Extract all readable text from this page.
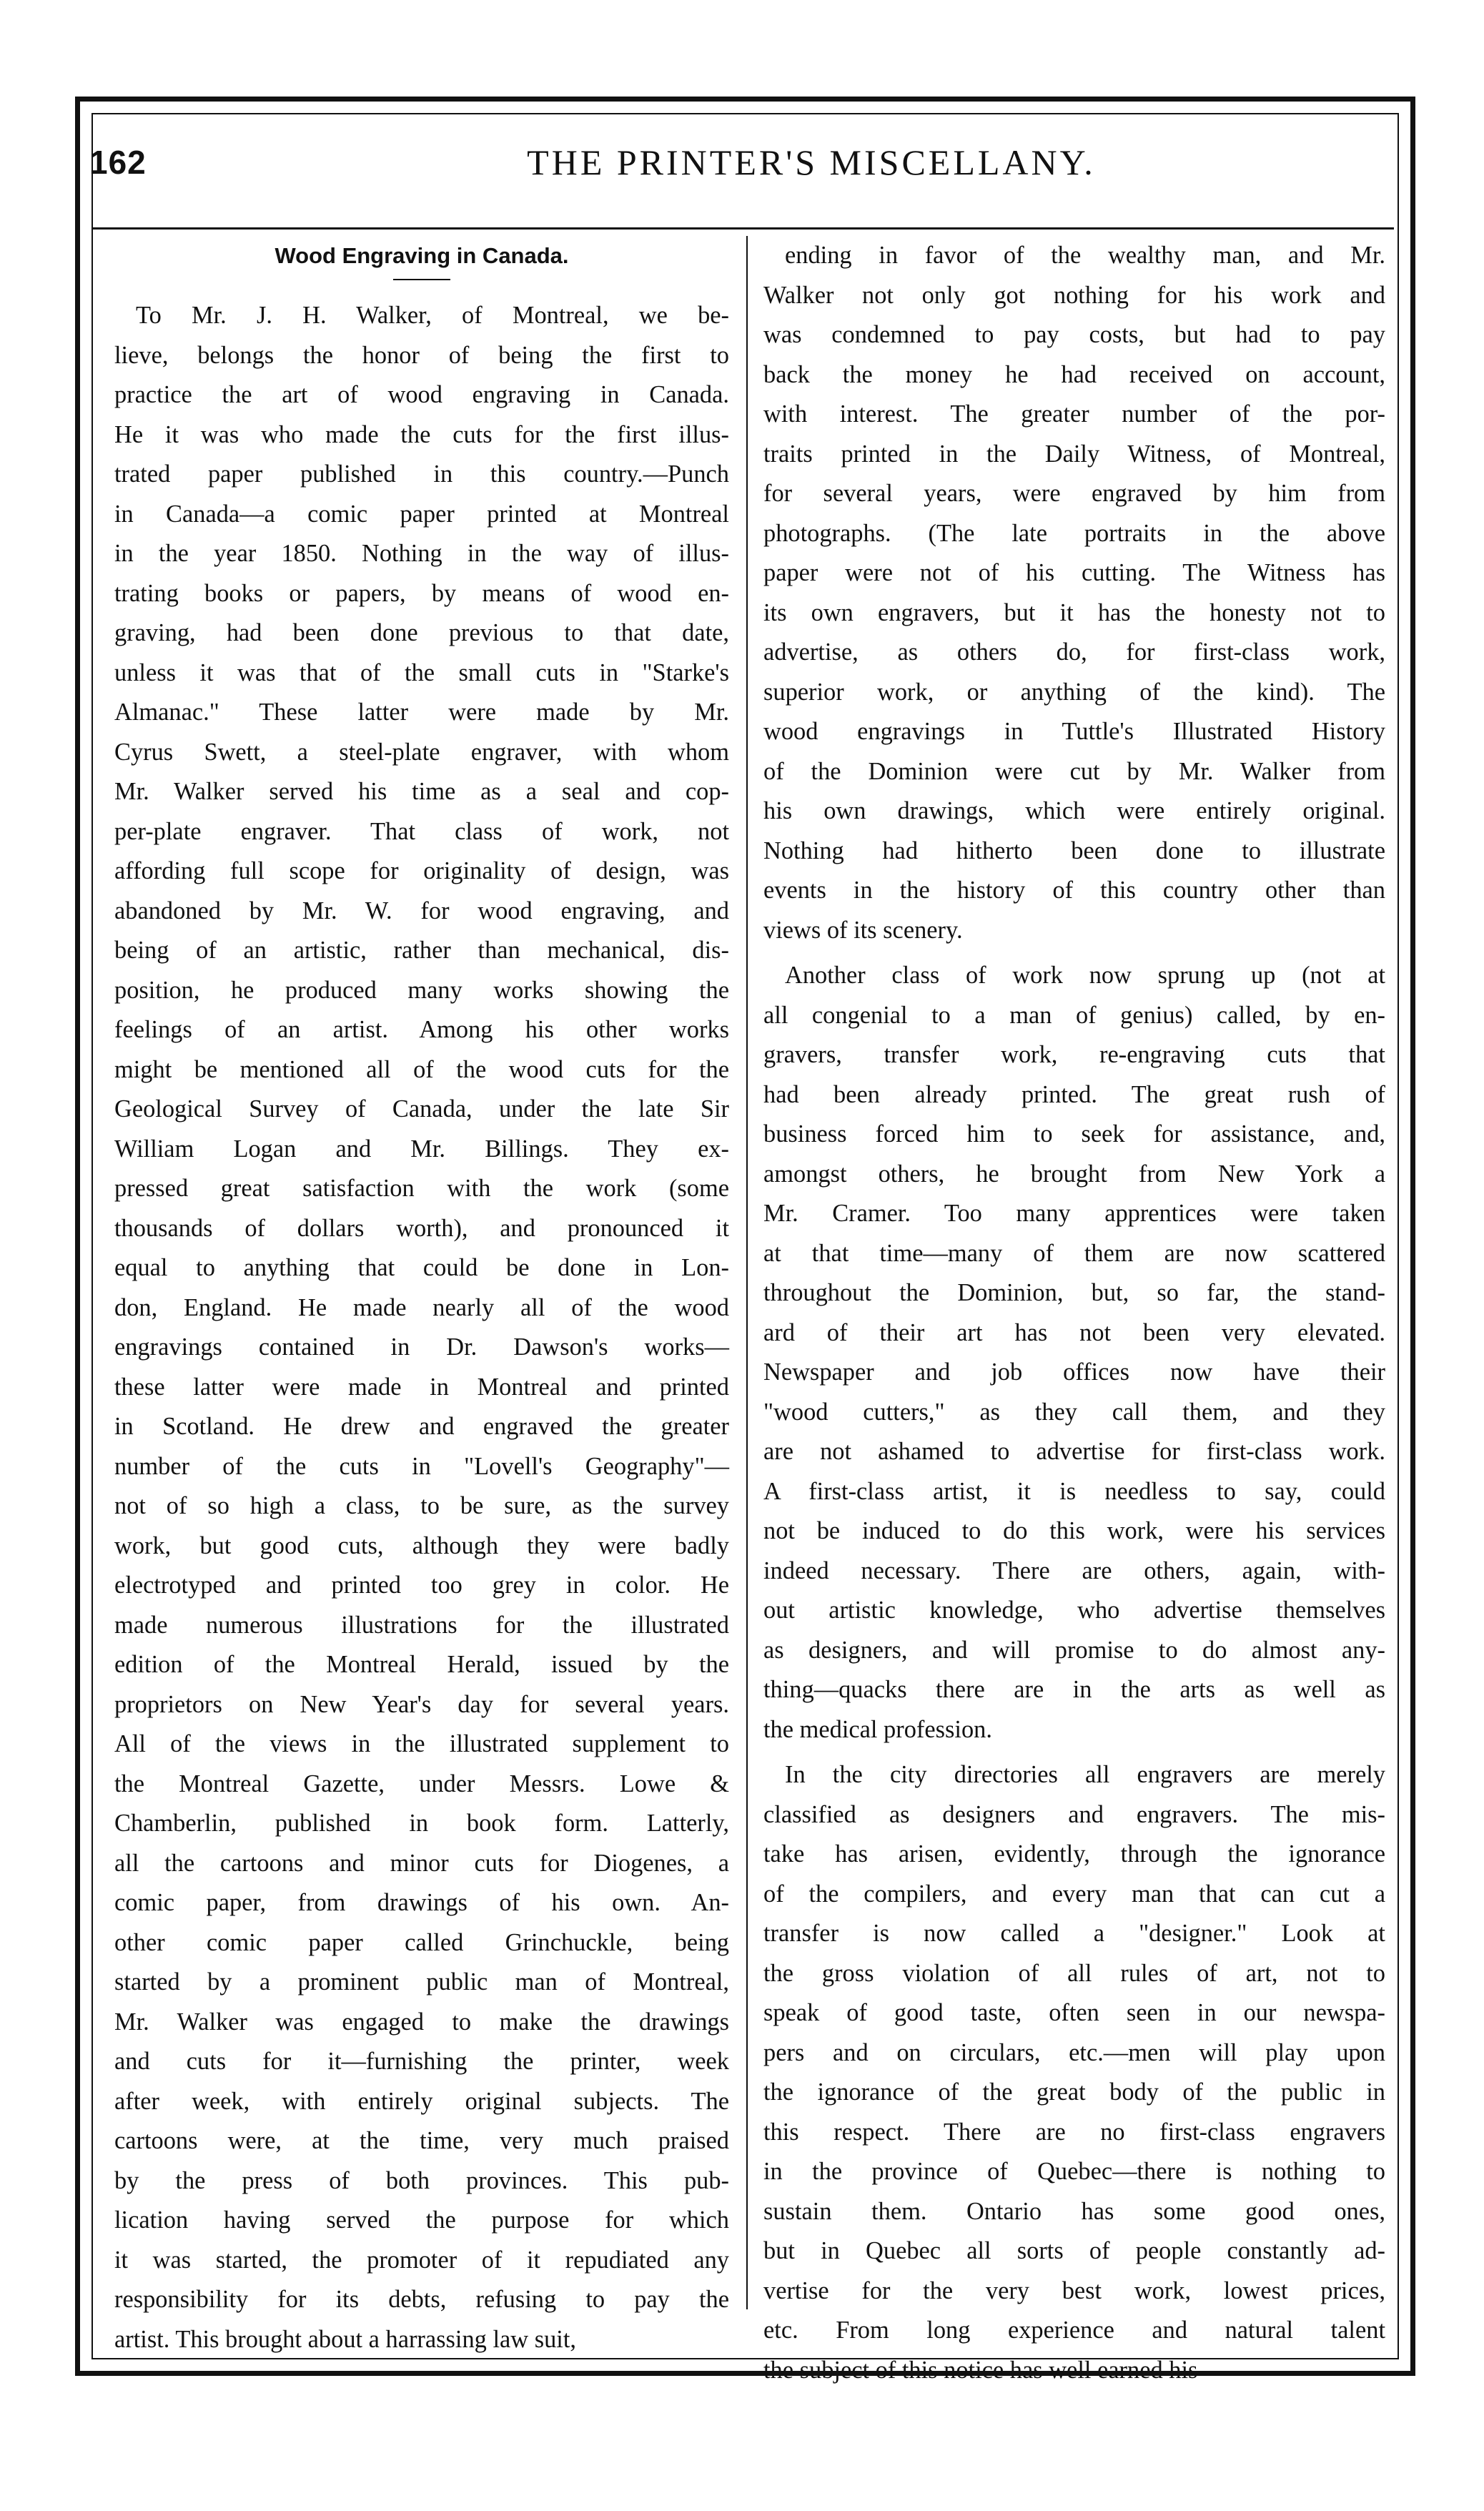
162	THE PRINTER'S MISCELLANY.

Wood Engraving in Canada.

To Mr. J. H. Walker, of Montreal, we be-
lieve, belongs the honor of being the first to
practice the art of wood engraving in Canada.
He it was who made the cuts for the first illus-
trated paper published in this country.—Punch
in Canada—a comic paper printed at Montreal
in the year 1850. Nothing in the way of illus-
trating books or papers, by means of wood en-
graving, had been done previous to that date,
unless it was that of the small cuts in "Starke's
Almanac." These latter were made by Mr.
Cyrus Swett, a steel-plate engraver, with whom
Mr. Walker served his time as a seal and cop-
per-plate engraver. That class of work, not
affording full scope for originality of design, was
abandoned by Mr. W. for wood engraving, and
being of an artistic, rather than mechanical, dis-
position, he produced many works showing the
feelings of an artist. Among his other works
might be mentioned all of the wood cuts for the
Geological Survey of Canada, under the late Sir
William Logan and Mr. Billings. They ex-
pressed great satisfaction with the work (some
thousands of dollars worth), and pronounced it
equal to anything that could be done in Lon-
don, England. He made nearly all of the wood
engravings contained in Dr. Dawson's works—
these latter were made in Montreal and printed
in Scotland. He drew and engraved the greater
number of the cuts in "Lovell's Geography"—
not of so high a class, to be sure, as the survey
work, but good cuts, although they were badly
electrotyped and printed too grey in color. He
made numerous illustrations for the illustrated
edition of the Montreal Herald, issued by the
proprietors on New Year's day for several years.
All of the views in the illustrated supplement to
the Montreal Gazette, under Messrs. Lowe &
Chamberlin, published in book form. Latterly,
all the cartoons and minor cuts for Diogenes, a
comic paper, from drawings of his own. An-
other comic paper called Grinchuckle, being
started by a prominent public man of Montreal,
Mr. Walker was engaged to make the drawings
and cuts for it—furnishing the printer, week
after week, with entirely original subjects. The
cartoons were, at the time, very much praised
by the press of both provinces. This pub-
lication having served the purpose for which
it was started, the promoter of it repudiated any
responsibility for its debts, refusing to pay the
artist. This brought about a harrassing law suit,
ending in favor of the wealthy man, and Mr.
Walker not only got nothing for his work and
was condemned to pay costs, but had to pay
back the money he had received on account,
with interest. The greater number of the por-
traits printed in the Daily Witness, of Montreal,
for several years, were engraved by him from
photographs. (The late portraits in the above
paper were not of his cutting. The Witness has
its own engravers, but it has the honesty not to
advertise, as others do, for first-class work,
superior work, or anything of the kind). The
wood engravings in Tuttle's Illustrated History
of the Dominion were cut by Mr. Walker from
his own drawings, which were entirely original.
Nothing had hitherto been done to illustrate
events in the history of this country other than
views of its scenery.
Another class of work now sprung up (not at
all congenial to a man of genius) called, by en-
gravers, transfer work, re-engraving cuts that
had been already printed. The great rush of
business forced him to seek for assistance, and,
amongst others, he brought from New York a
Mr. Cramer. Too many apprentices were taken
at that time—many of them are now scattered
throughout the Dominion, but, so far, the stand-
ard of their art has not been very elevated.
Newspaper and job offices now have their
"wood cutters," as they call them, and they
are not ashamed to advertise for first-class work.
A first-class artist, it is needless to say, could
not be induced to do this work, were his services
indeed necessary. There are others, again, with-
out artistic knowledge, who advertise themselves
as designers, and will promise to do almost any-
thing—quacks there are in the arts as well as
the medical profession.
In the city directories all engravers are merely
classified as designers and engravers. The mis-
take has arisen, evidently, through the ignorance
of the compilers, and every man that can cut a
transfer is now called a "designer." Look at
the gross violation of all rules of art, not to
speak of good taste, often seen in our newspa-
pers and on circulars, etc.—men will play upon
the ignorance of the great body of the public in
this respect. There are no first-class engravers
in the province of Quebec—there is nothing to
sustain them. Ontario has some good ones,
but in Quebec all sorts of people constantly ad-
vertise for the very best work, lowest prices,
etc. From long experience and natural talent
the subject of this notice has well earned his
